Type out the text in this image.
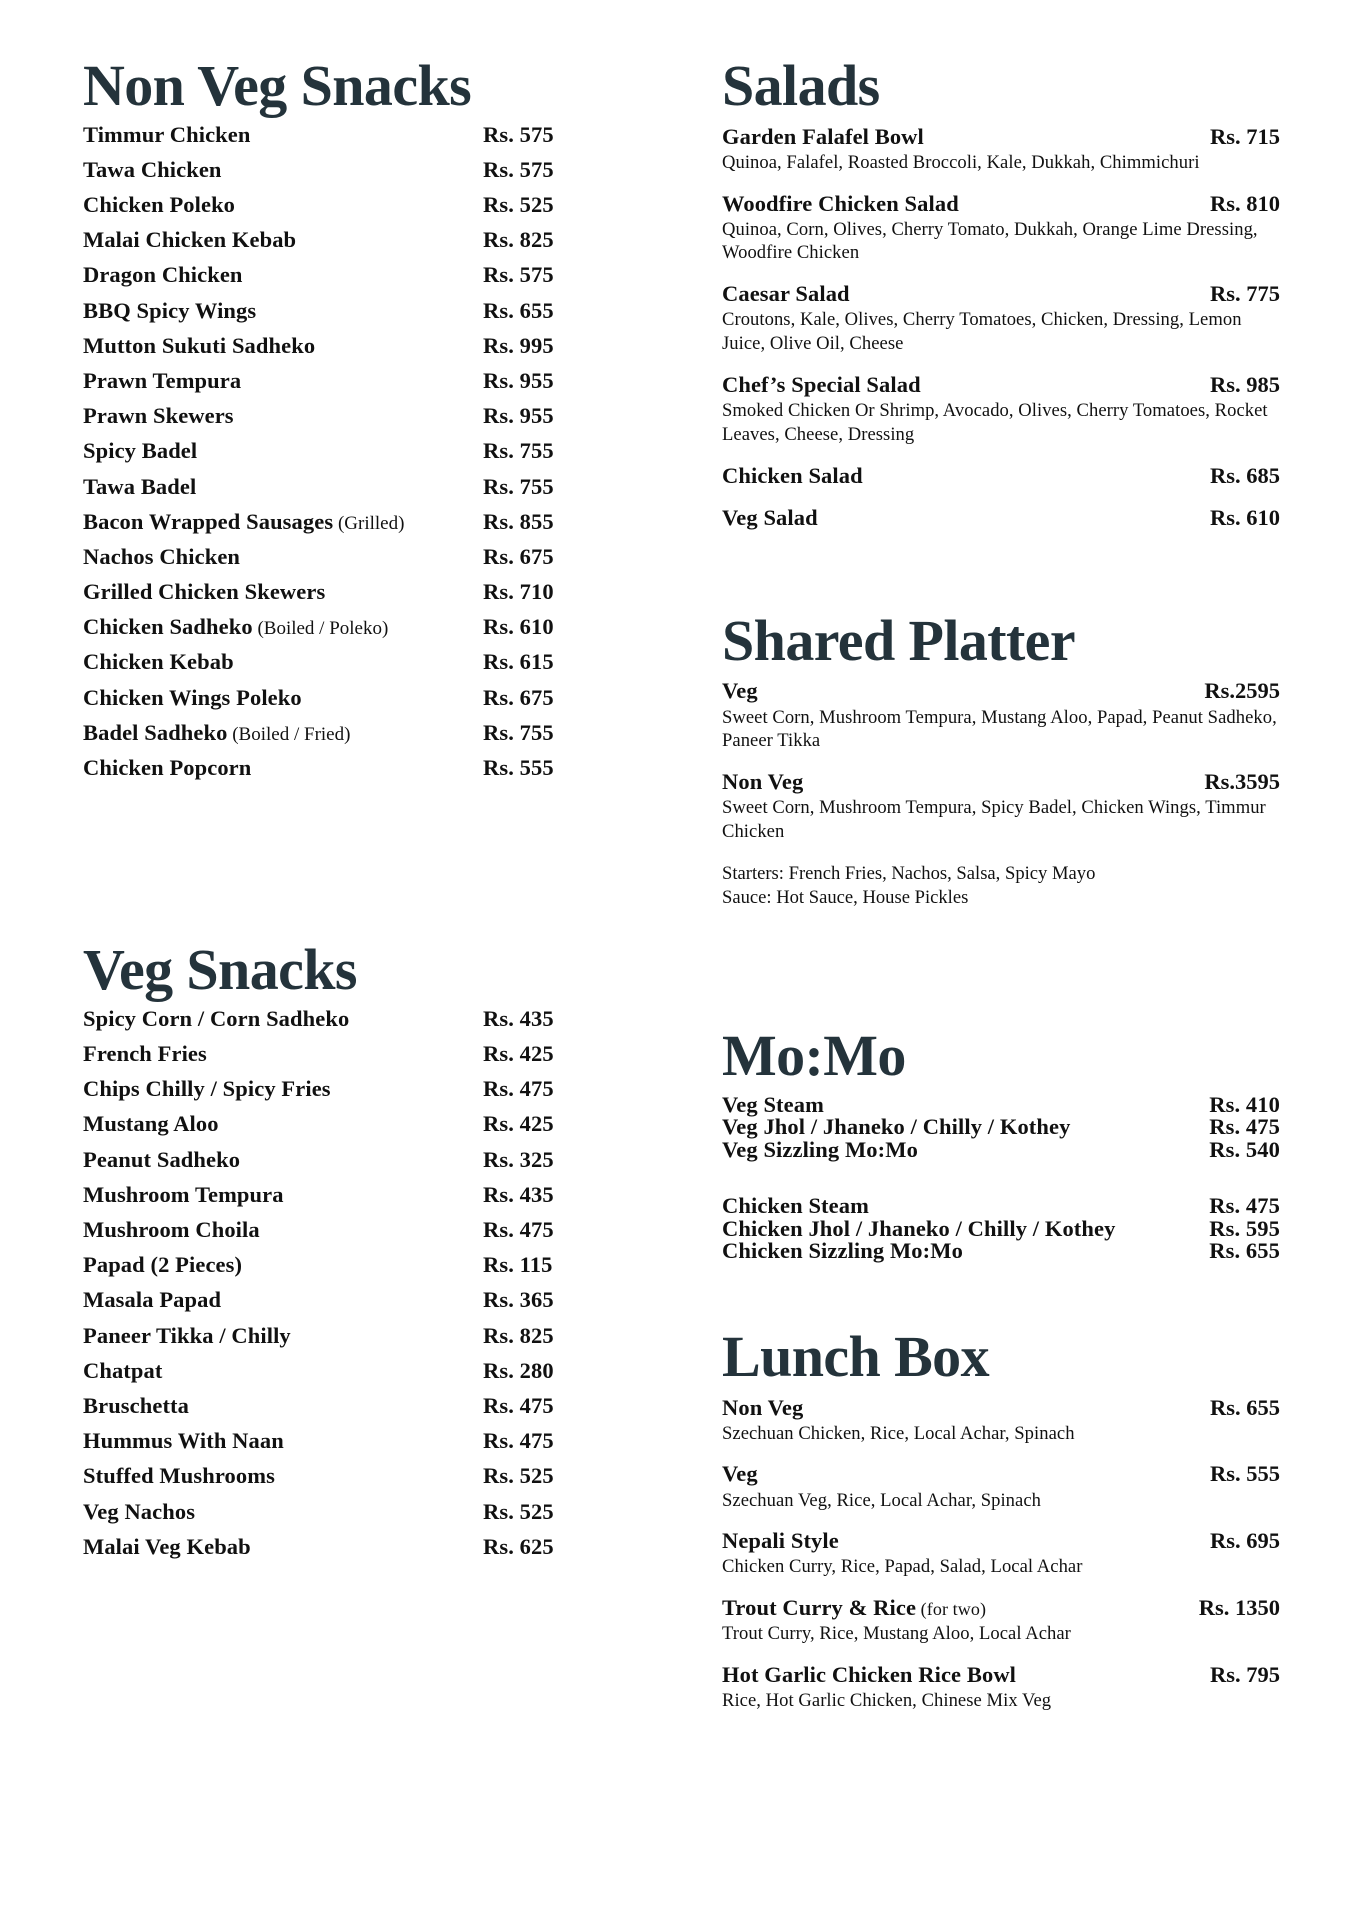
Non Veg Snacks
Timmur Chicken	Rs. 575
Tawa Chicken	Rs. 575
Chicken Poleko	Rs. 525
Malai Chicken Kebab	Rs. 825
Dragon Chicken	Rs. 575
BBQ Spicy Wings	Rs. 655
Mutton Sukuti Sadheko	Rs. 995
Prawn Tempura	Rs. 955
Prawn Skewers	Rs. 955
Spicy Badel	Rs. 755
Tawa Badel	Rs. 755
Bacon Wrapped Sausages (Grilled)	Rs. 855
Nachos Chicken	Rs. 675
Grilled Chicken Skewers	Rs. 710
Chicken Sadheko (Boiled / Poleko)	Rs. 610
Chicken Kebab	Rs. 615
Chicken Wings Poleko	Rs. 675
Badel Sadheko (Boiled / Fried)	Rs. 755
Chicken Popcorn	Rs. 555
Veg Snacks
Spicy Corn / Corn Sadheko	Rs. 435
French Fries	Rs. 425
Chips Chilly / Spicy Fries	Rs. 475
Mustang Aloo	Rs. 425
Peanut Sadheko	Rs. 325
Mushroom Tempura	Rs. 435
Mushroom Choila	Rs. 475
Papad (2 Pieces)	Rs. 115
Masala Papad	Rs. 365
Paneer Tikka / Chilly	Rs. 825
Chatpat	Rs. 280
Bruschetta	Rs. 475
Hummus With Naan	Rs. 475
Stuffed Mushrooms	Rs. 525
Veg Nachos	Rs. 525
Malai Veg Kebab	Rs. 625
Salads
Garden Falafel Bowl	Rs. 715
Quinoa, Falafel, Roasted Broccoli, Kale, Dukkah, Chimmichuri
Woodfire Chicken Salad	Rs. 810
Quinoa, Corn, Olives, Cherry Tomato, Dukkah, Orange Lime Dressing, Woodfire Chicken
Caesar Salad	Rs. 775
Croutons, Kale, Olives, Cherry Tomatoes, Chicken, Dressing, Lemon Juice, Olive Oil, Cheese
Chef’s Special Salad	Rs. 985
Smoked Chicken Or Shrimp, Avocado, Olives, Cherry Tomatoes, Rocket Leaves, Cheese, Dressing
Chicken Salad	Rs. 685
Veg Salad	Rs. 610
Shared Platter
Veg	Rs.2595
Sweet Corn, Mushroom Tempura, Mustang Aloo, Papad, Peanut Sadheko, Paneer Tikka
Non Veg	Rs.3595
Sweet Corn, Mushroom Tempura, Spicy Badel, Chicken Wings, Timmur Chicken
Starters: French Fries, Nachos, Salsa, Spicy Mayo
Sauce: Hot Sauce, House Pickles
Mo:Mo
Veg Steam	Rs. 410
Veg Jhol / Jhaneko / Chilly / Kothey	Rs. 475
Veg Sizzling Mo:Mo	Rs. 540
Chicken Steam	Rs. 475
Chicken Jhol / Jhaneko / Chilly / Kothey	Rs. 595
Chicken Sizzling Mo:Mo	Rs. 655
Lunch Box
Non Veg	Rs. 655
Szechuan Chicken, Rice, Local Achar, Spinach
Veg	Rs. 555
Szechuan Veg, Rice, Local Achar, Spinach
Nepali Style	Rs. 695
Chicken Curry, Rice, Papad, Salad, Local Achar
Trout Curry & Rice (for two)	Rs. 1350
Trout Curry, Rice, Mustang Aloo, Local Achar
Hot Garlic Chicken Rice Bowl	Rs. 795
Rice, Hot Garlic Chicken, Chinese Mix Veg
